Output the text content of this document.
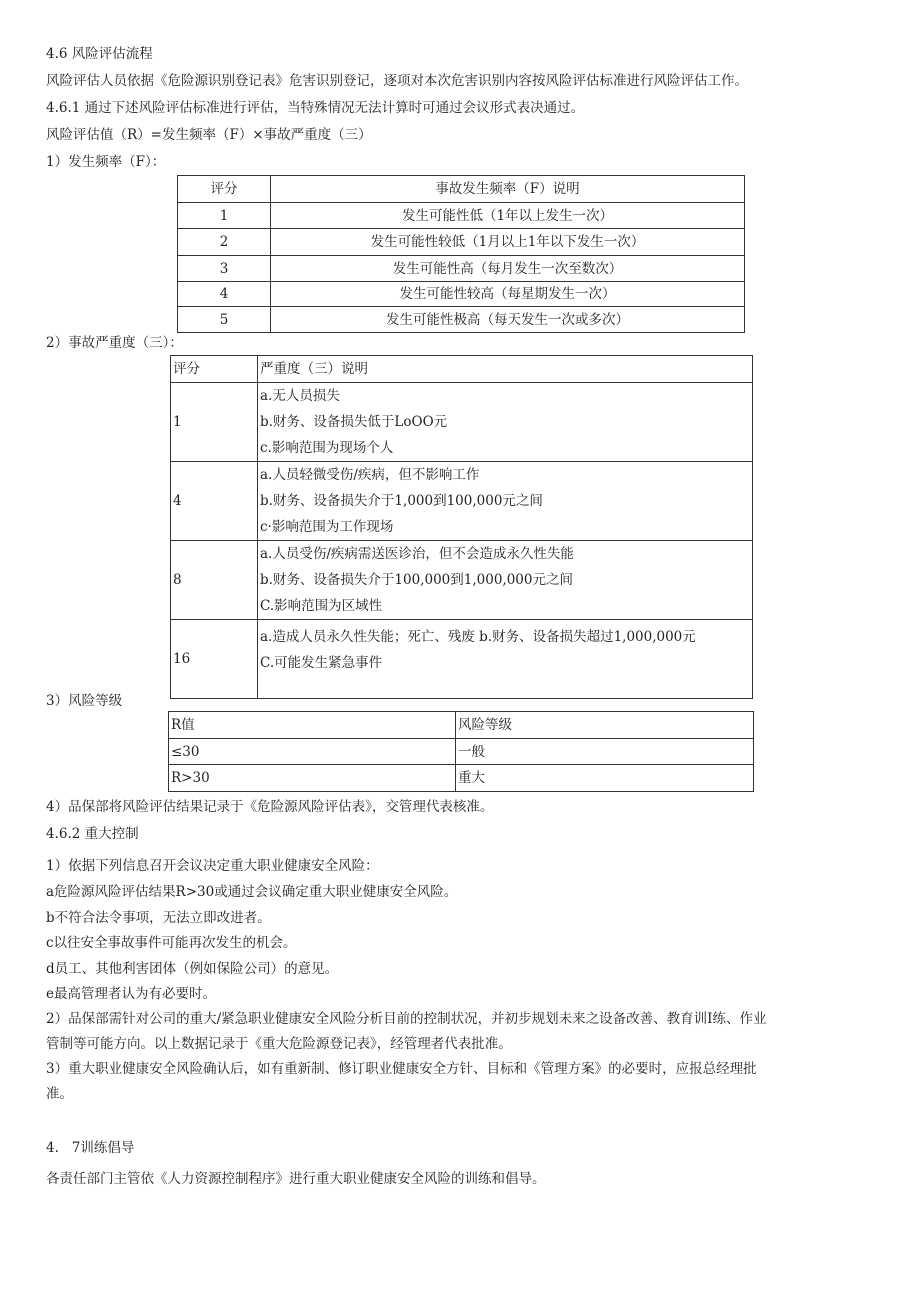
4.6 风险评估流程
风险评估人员依据《危险源识别登记表》危害识别登记，逐项对本次危害识别内容按风险评估标准进行风险评估工作。
4.6.1 通过下述风险评估标准进行评估，当特殊情况无法计算时可通过会议形式表决通过。
风险评估值（R）=发生频率（F）×事故严重度（三）
1）发生频率（F）：
评分	事故发生频率（F）说明
1	发生可能性低（1年以上发生一次）
2	发生可能性较低（1月以上1年以下发生一次）
3	发生可能性高（每月发生一次至数次）
4	发生可能性较高（每星期发生一次）
5	发生可能性极高（每天发生一次或多次）
2）事故严重度（三）：
评分	严重度（三）说明
1	a.无人员损失
b.财务、设备损失低于LoOO元
c.影响范围为现场个人

4	a.人员轻微受伤/疾病，但不影响工作
b.财务、设备损失介于1,000到100,000元之间
c·影响范围为工作现场

8	a.人员受伤/疾病需送医诊治，但不会造成永久性失能
b.财务、设备损失介于100,000到1,000,000元之间
C.影响范围为区域性

16	a.造成人员永久性失能；死亡、残废 b.财务、设备损失超过1,000,000元
C.可能发生紧急事件
3）风险等级
R值	风险等级
≤30	一般
R>30	重大
4）品保部将风险评估结果记录于《危险源风险评估表》，交管理代表核准。
4.6.2 重大控制
1）依据下列信息召开会议决定重大职业健康安全风险：
a危险源风险评估结果R>30或通过会议确定重大职业健康安全风险。
b不符合法令事项，无法立即改进者。
c以往安全事故事件可能再次发生的机会。
d员工、其他利害团体（例如保险公司）的意见。
e最高管理者认为有必要时。
2）品保部需针对公司的重大/紧急职业健康安全风险分析目前的控制状况，并初步规划未来之设备改善、教育训I练、作业
管制等可能方向。以上数据记录于《重大危险源登记表》，经管理者代表批准。
3）重大职业健康安全风险确认后，如有重新制、修订职业健康安全方针、目标和《管理方案》的必要时，应报总经理批
准。
4.   7训练倡导
各责任部门主管依《人力资源控制程序》进行重大职业健康安全风险的训练和倡导。
